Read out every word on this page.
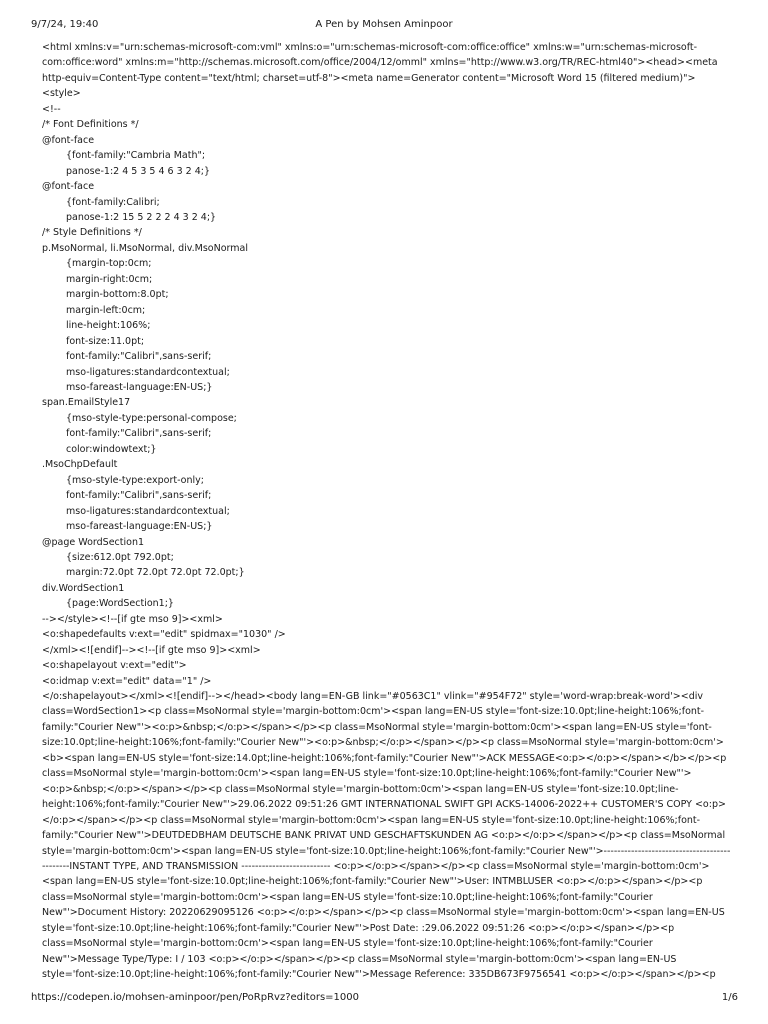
9/7/24, 19:40	A Pen by Mohsen Aminpoor
<html xmlns:v="urn:schemas-microsoft-com:vml" xmlns:o="urn:schemas-microsoft-com:office:office" xmlns:w="urn:schemas-microsoft-com:office:word" xmlns:m="http://schemas.microsoft.com/office/2004/12/omml" xmlns="http://www.w3.org/TR/REC-html40"><head><meta http-equiv=Content-Type content="text/html; charset=utf-8"><meta name=Generator content="Microsoft Word 15 (filtered medium)"><style>
<!--
/* Font Definitions */
@font-face
{font-family:"Cambria Math";
panose-1:2 4 5 3 5 4 6 3 2 4;}
@font-face
{font-family:Calibri;
panose-1:2 15 5 2 2 2 4 3 2 4;}
/* Style Definitions */
p.MsoNormal, li.MsoNormal, div.MsoNormal
{margin-top:0cm;
margin-right:0cm;
margin-bottom:8.0pt;
margin-left:0cm;
line-height:106%;
font-size:11.0pt;
font-family:"Calibri",sans-serif;
mso-ligatures:standardcontextual;
mso-fareast-language:EN-US;}
span.EmailStyle17
{mso-style-type:personal-compose;
font-family:"Calibri",sans-serif;
color:windowtext;}
.MsoChpDefault
{mso-style-type:export-only;
font-family:"Calibri",sans-serif;
mso-ligatures:standardcontextual;
mso-fareast-language:EN-US;}
@page WordSection1
{size:612.0pt 792.0pt;
margin:72.0pt 72.0pt 72.0pt 72.0pt;}
div.WordSection1
{page:WordSection1;}
--></style><!--[if gte mso 9]><xml>
<o:shapedefaults v:ext="edit" spidmax="1030" />
</xml><![endif]--><!--[if gte mso 9]><xml>
<o:shapelayout v:ext="edit">
<o:idmap v:ext="edit" data="1" />
</o:shapelayout></xml><![endif]--></head><body lang=EN-GB link="#0563C1" vlink="#954F72" style='word-wrap:break-word'><div class=WordSection1><p class=MsoNormal style='margin-bottom:0cm'><span lang=EN-US style='font-size:10.0pt;line-height:106%;font-family:"Courier New"'><o:p>&nbsp;</o:p></span></p><p class=MsoNormal style='margin-bottom:0cm'><span lang=EN-US style='font-size:10.0pt;line-height:106%;font-family:"Courier New"'><o:p>&nbsp;</o:p></span></p><p class=MsoNormal style='margin-bottom:0cm'><b><span lang=EN-US style='font-size:14.0pt;line-height:106%;font-family:"Courier New"'>ACK MESSAGE<o:p></o:p></span></b></p><p class=MsoNormal style='margin-bottom:0cm'><span lang=EN-US style='font-size:10.0pt;line-height:106%;font-family:"Courier New"'><o:p>&nbsp;</o:p></span></p><p class=MsoNormal style='margin-bottom:0cm'><span lang=EN-US style='font-size:10.0pt;line-height:106%;font-family:"Courier New"'>29.06.2022 09:51:26 GMT INTERNATIONAL SWIFT GPI ACKS-14006-2022++ CUSTOMER'S COPY <o:p></o:p></span></p><p class=MsoNormal style='margin-bottom:0cm'><span lang=EN-US style='font-size:10.0pt;line-height:106%;font-family:"Courier New"'>DEUTDEDBHAM DEUTSCHE BANK PRIVAT UND GESCHAFTSKUNDEN AG <o:p></o:p></span></p><p class=MsoNormal style='margin-bottom:0cm'><span lang=EN-US style='font-size:10.0pt;line-height:106%;font-family:"Courier New"'>---------------------------------------------INSTANT TYPE, AND TRANSMISSION -------------------------- <o:p></o:p></span></p><p class=MsoNormal style='margin-bottom:0cm'><span lang=EN-US style='font-size:10.0pt;line-height:106%;font-family:"Courier New"'>User: INTMBLUSER <o:p></o:p></span></p><p class=MsoNormal style='margin-bottom:0cm'><span lang=EN-US style='font-size:10.0pt;line-height:106%;font-family:"Courier New"'>Document History: 20220629095126 <o:p></o:p></span></p><p class=MsoNormal style='margin-bottom:0cm'><span lang=EN-US style='font-size:10.0pt;line-height:106%;font-family:"Courier New"'>Post Date: :29.06.2022 09:51:26 <o:p></o:p></span></p><p class=MsoNormal style='margin-bottom:0cm'><span lang=EN-US style='font-size:10.0pt;line-height:106%;font-family:"Courier New"'>Message Type/Type: I / 103 <o:p></o:p></span></p><p class=MsoNormal style='margin-bottom:0cm'><span lang=EN-US style='font-size:10.0pt;line-height:106%;font-family:"Courier New"'>Message Reference: 335DB673F9756541 <o:p></o:p></span></p><p
https://codepen.io/mohsen-aminpoor/pen/PoRpRvz?editors=1000	1/6
